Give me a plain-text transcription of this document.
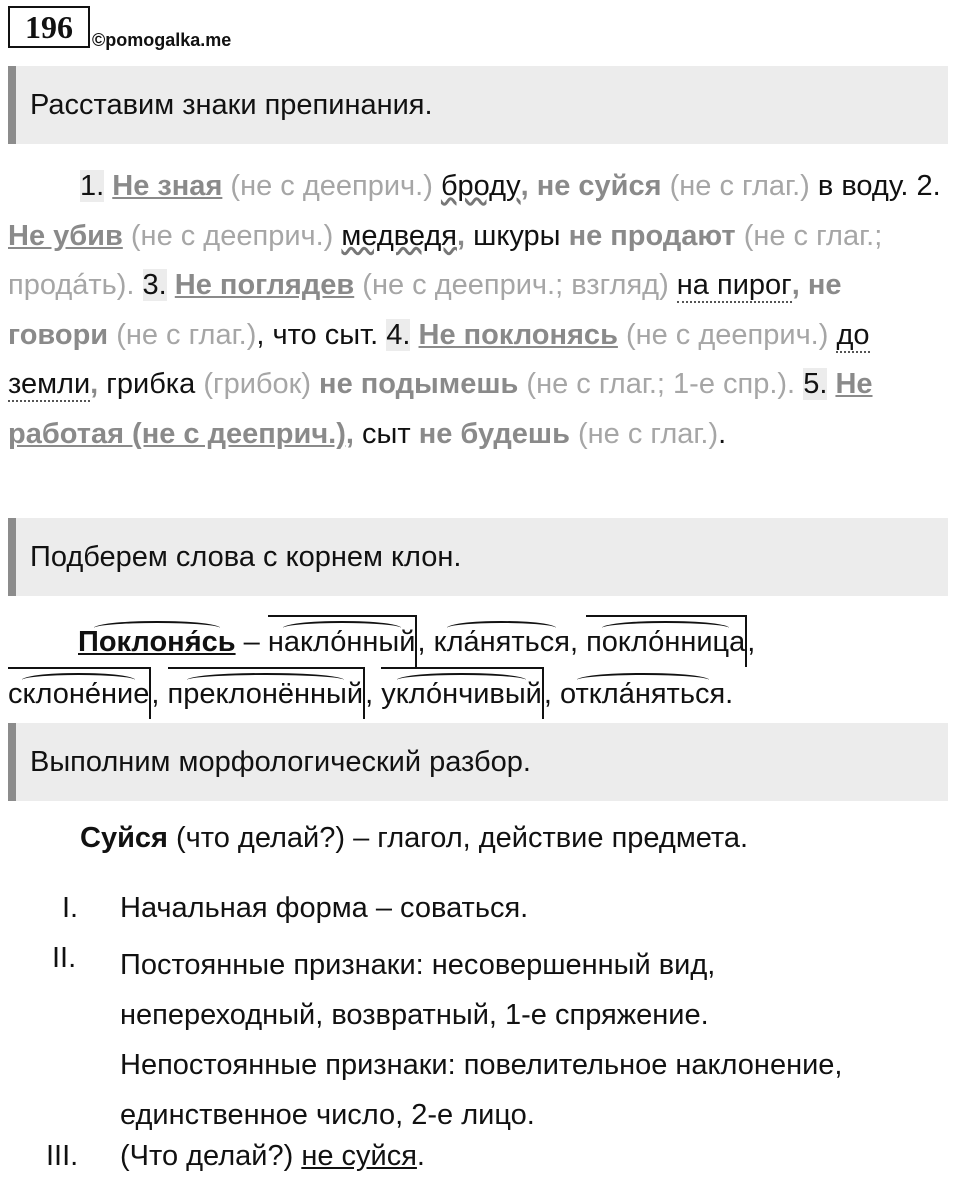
196	©pomogalka.me
Расставим знаки препинания.
1. Не зная (не с дееприч.) броду, не суйся (не с глаг.) в воду. 2. Не убив (не с дееприч.) медведя, шкуры не продают (не с глаг.; продáть). 3. Не поглядев (не с дееприч.; взгляд) на пирог, не говори (не с глаг.), что сыт. 4. Не поклонясь (не с дееприч.) до земли, грибка (грибок) не подымешь (не с глаг.; 1-е спр.). 5. Не работая (не с дееприч.), сыт не будешь (не с глаг.).
Подберем слова с корнем клон.
Поклоня́сь – накло́нный, кла́няться, покло́нница,
склоне́ние, преклонённый, укло́нчивый, откла́няться.
Выполним морфологический разбор.
Суйся (что делай?) – глагол, действие предмета.
I. Начальная форма – соваться.
II. Постоянные признаки: несовершенный вид, непереходный, возвратный, 1-е спряжение.
Непостоянные признаки: повелительное наклонение, единственное число, 2-е лицо.
III. (Что делай?) не суйся.
